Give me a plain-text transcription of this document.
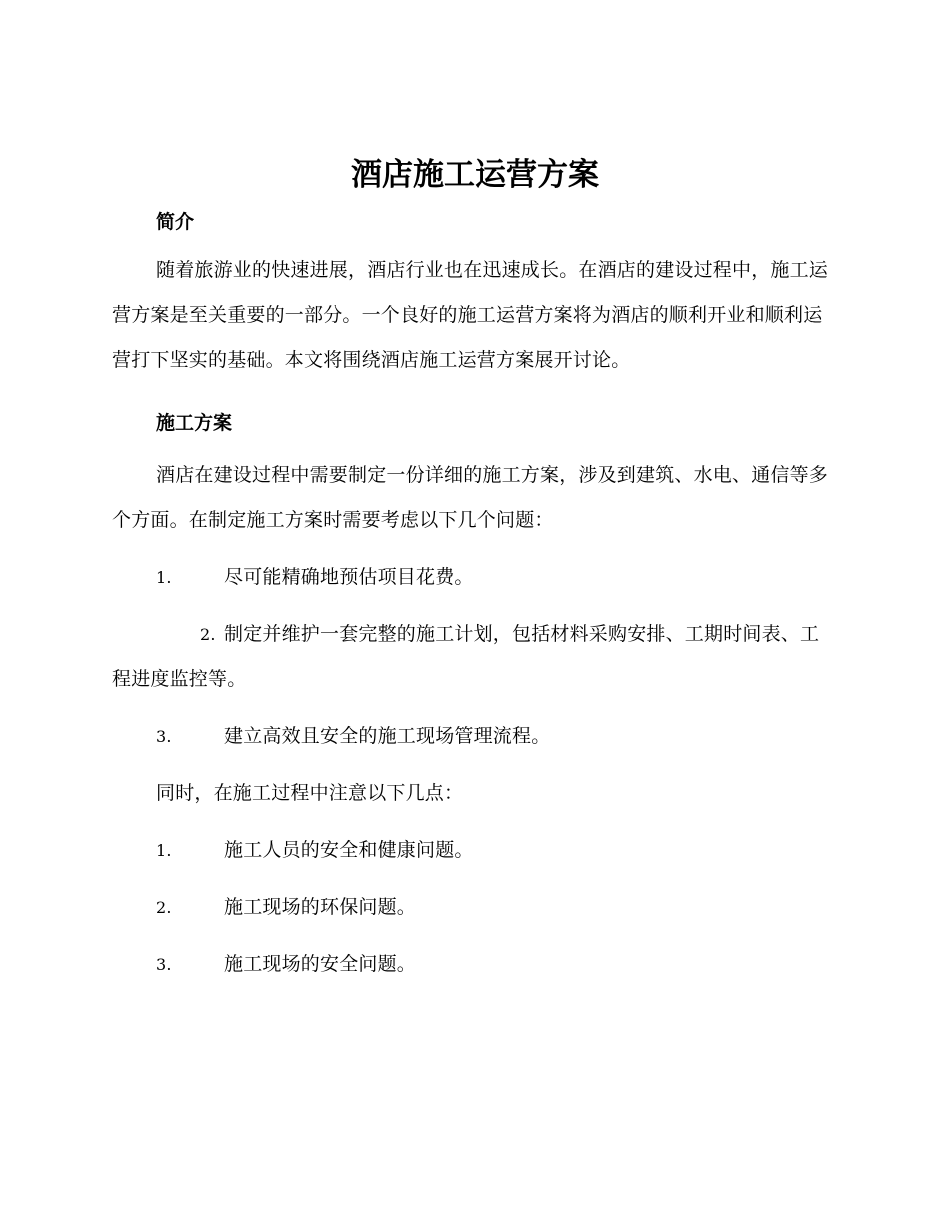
酒店施工运营方案
简介

随着旅游业的快速进展，酒店行业也在迅速成长。在酒店的建设过程中，施工运营方案是至关重要的一部分。一个良好的施工运营方案将为酒店的顺利开业和顺利运营打下坚实的基础。本文将围绕酒店施工运营方案展开讨论。

施工方案

酒店在建设过程中需要制定一份详细的施工方案，涉及到建筑、水电、通信等多个方面。在制定施工方案时需要考虑以下几个问题：

1.	尽可能精确地预估项目花费。
2. 制定并维护一套完整的施工计划，包括材料采购安排、工期时间表、工程进度监控等。
3.	建立高效且安全的施工现场管理流程。

同时，在施工过程中注意以下几点：

1.	施工人员的安全和健康问题。
2.	施工现场的环保问题。
3.	施工现场的安全问题。
